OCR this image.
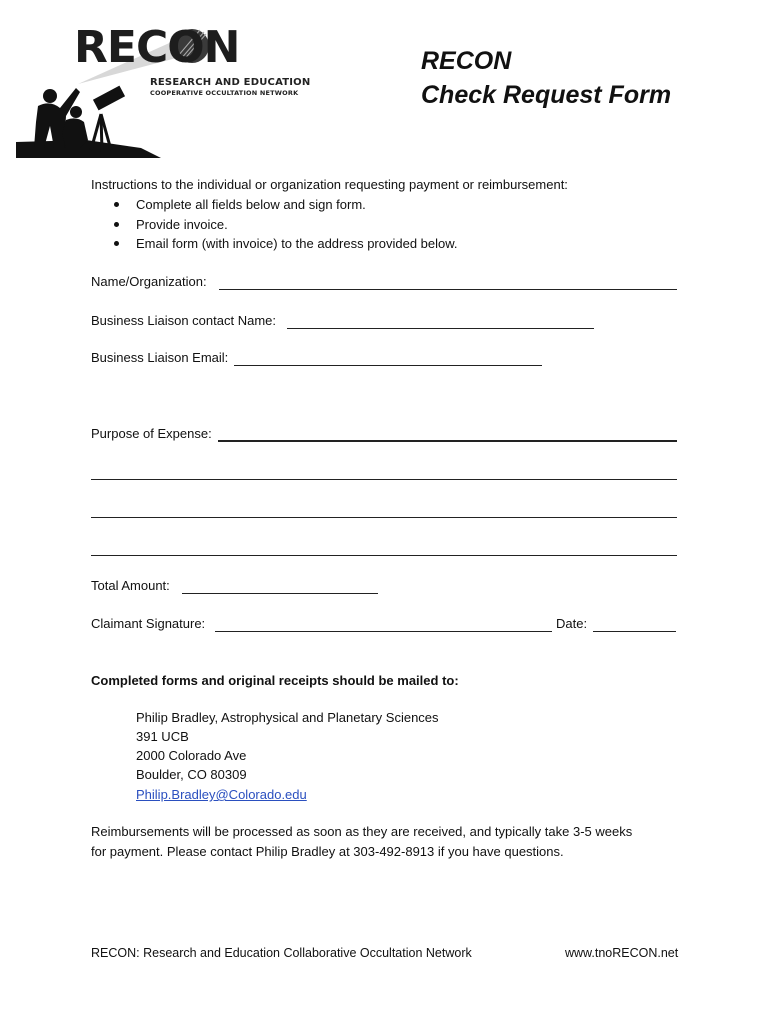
RECON
RESEARCH AND EDUCATION
COOPERATIVE OCCULTATION NETWORK
RECON
Check Request Form
Instructions to the individual or organization requesting payment or reimbursement:
Complete all fields below and sign form.
Provide invoice.
Email form (with invoice) to the address provided below.
Name/Organization:
Business Liaison contact Name:
Business Liaison Email:
Purpose of Expense:
Total Amount:
Claimant Signature:	Date:
Completed forms and original receipts should be mailed to:
Philip Bradley, Astrophysical and Planetary Sciences
391 UCB
2000 Colorado Ave
Boulder, CO 80309
Philip.Bradley@Colorado.edu
Reimbursements will be processed as soon as they are received, and typically take 3-5 weeks
for payment. Please contact Philip Bradley at 303-492-8913 if you have questions.
RECON: Research and Education Collaborative Occultation Network	www.tnoRECON.net
